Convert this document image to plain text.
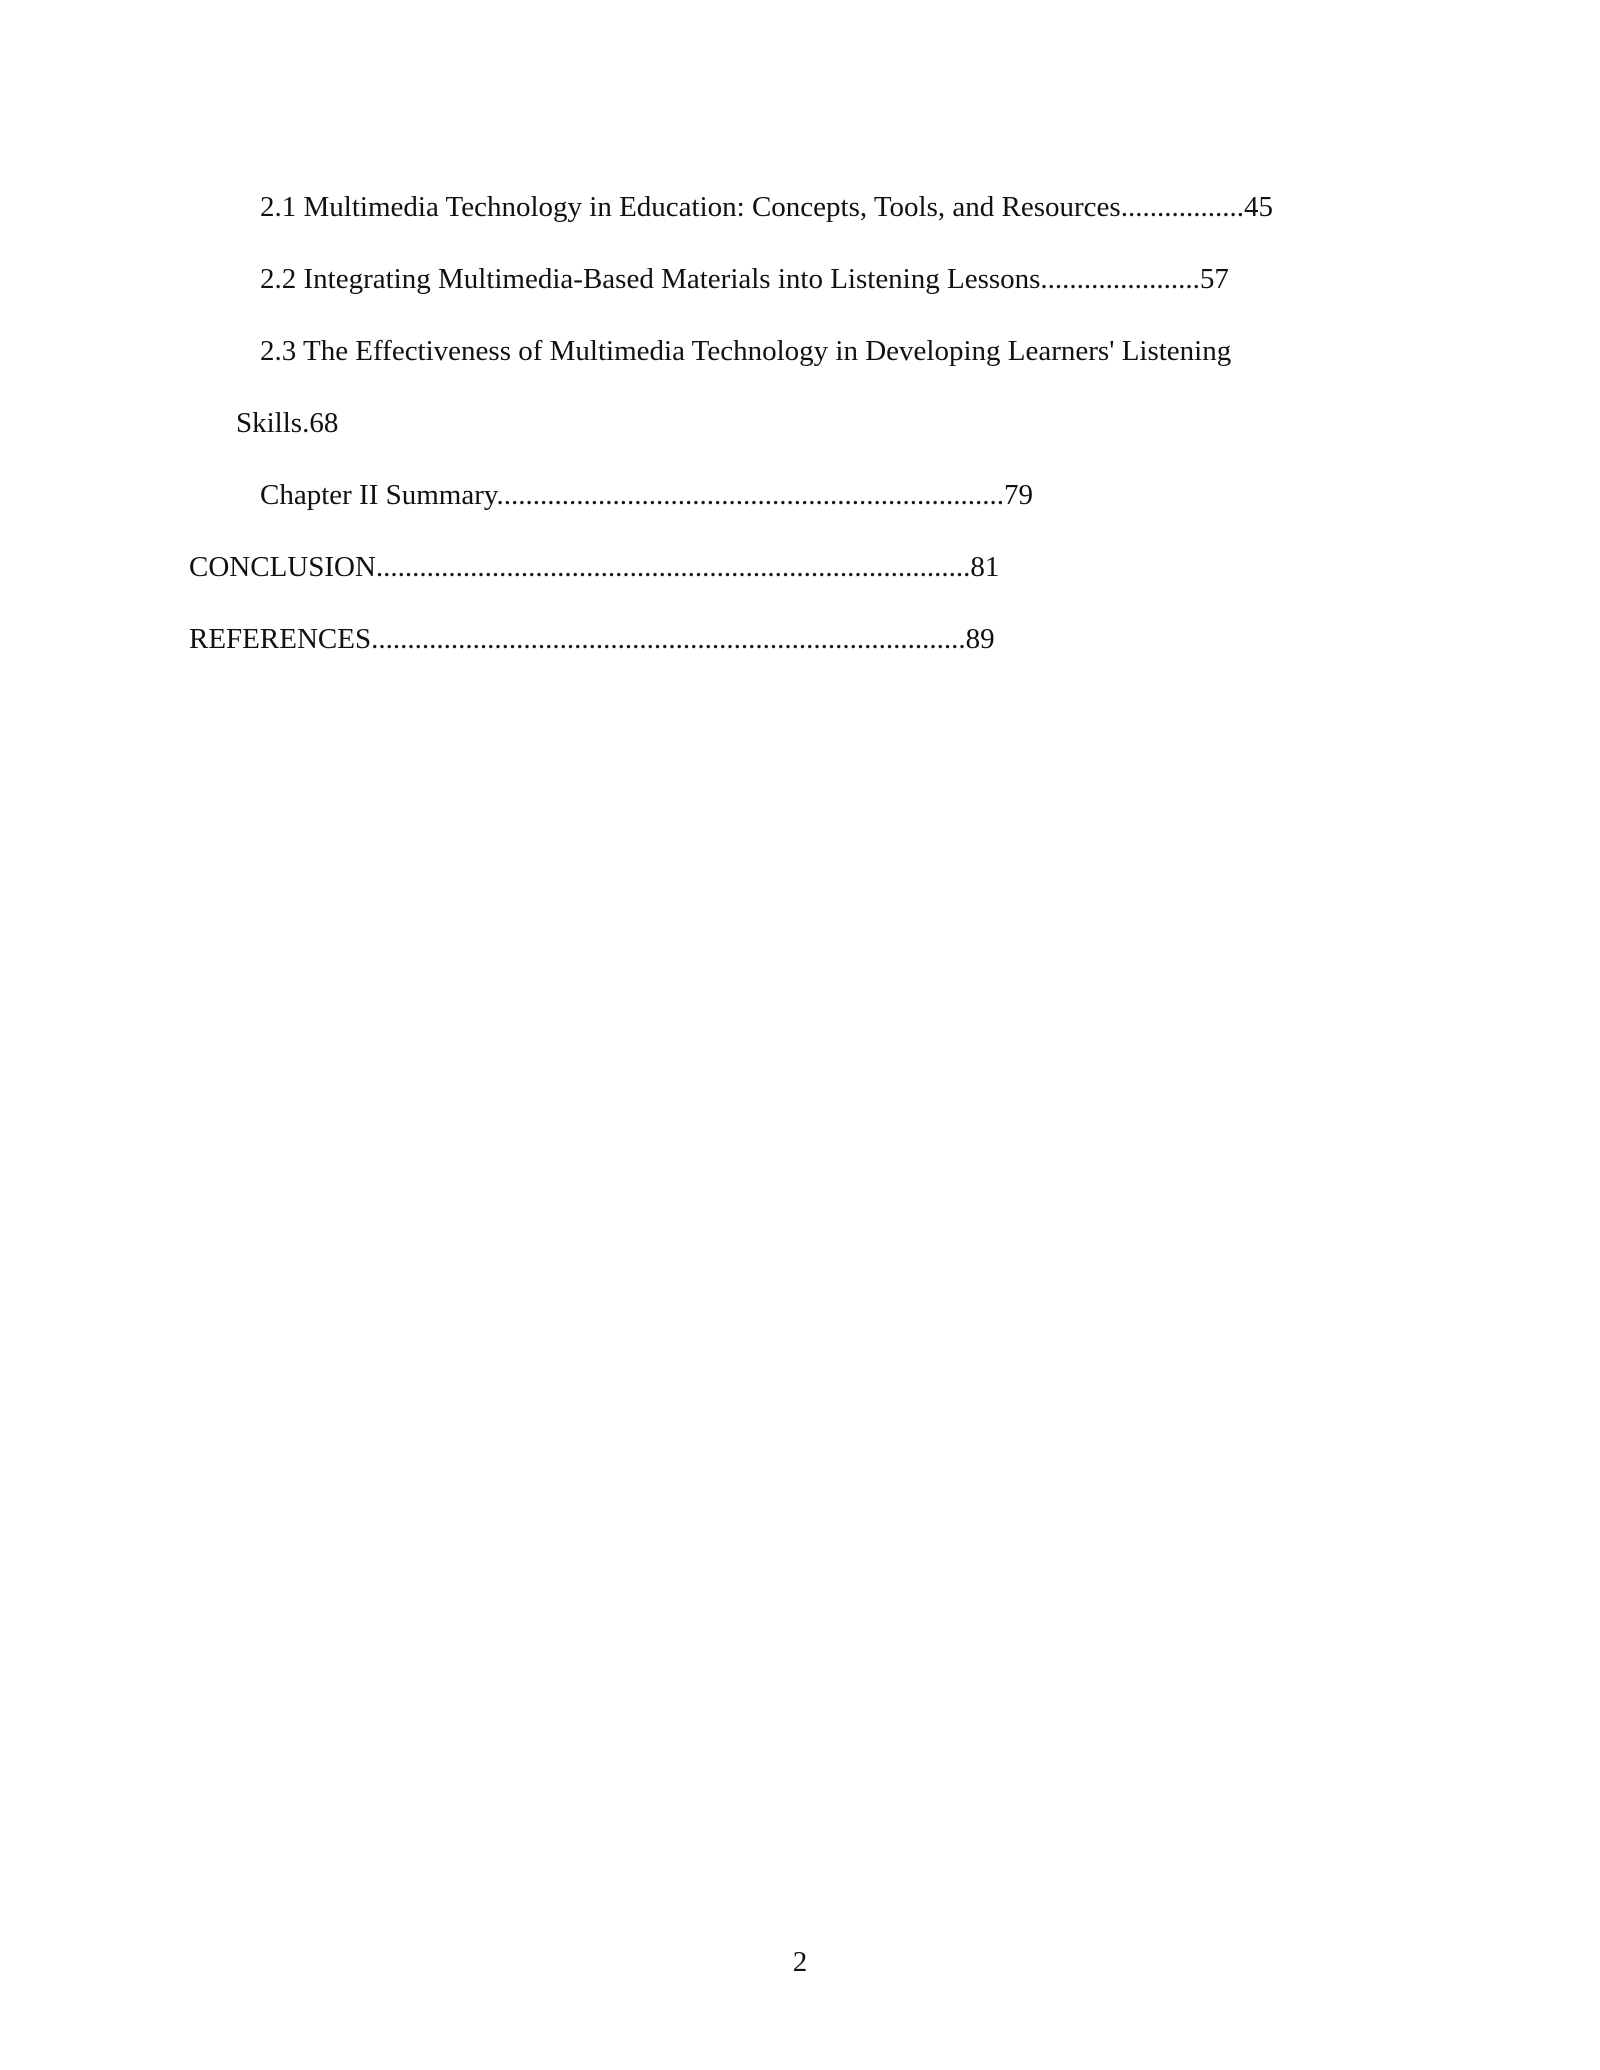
2.1 Multimedia Technology in Education: Concepts, Tools, and Resources.................45
2.2 Integrating Multimedia-Based Materials into Listening Lessons......................57
2.3 The Effectiveness of Multimedia Technology in Developing Learners' Listening
Skills.68
Chapter II Summary......................................................................79
CONCLUSION..................................................................................81
REFERENCES..................................................................................89
2
